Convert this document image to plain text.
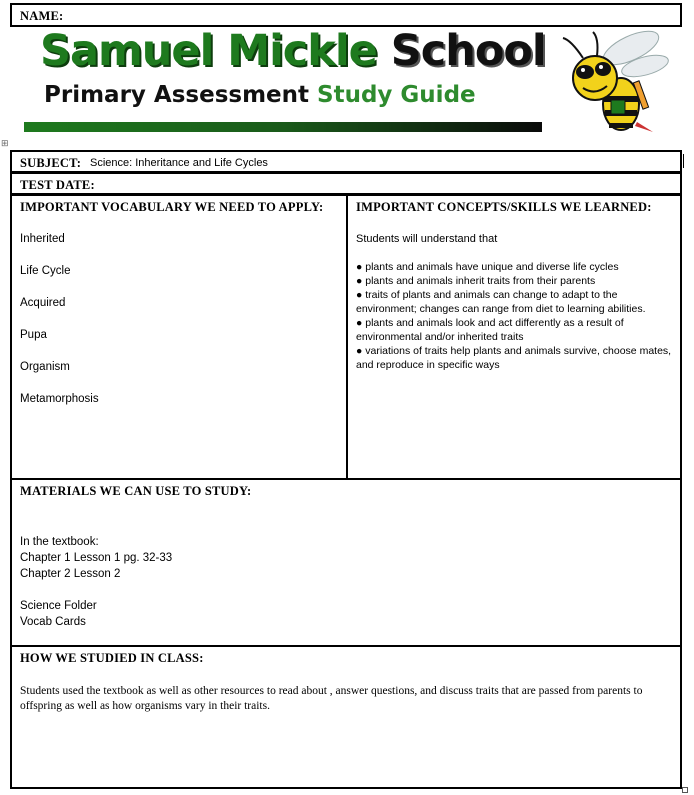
NAME:
Samuel Mickle School
Primary Assessment Study Guide
⊞
SUBJECT: Science: Inheritance and Life Cycles
TEST DATE:
IMPORTANT VOCABULARY WE NEED TO APPLY:
Inherited
Life Cycle
Acquired
Pupa
Organism
Metamorphosis
IMPORTANT CONCEPTS/SKILLS WE LEARNED:
Students will understand that
● plants and animals have unique and diverse life cycles
● plants and animals inherit traits from their parents
● traits of plants and animals can change to adapt to the environment; changes can range from diet to learning abilities.
● plants and animals look and act differently as a result of environmental and/or inherited traits
● variations of traits help plants and animals survive, choose mates, and reproduce in specific ways
MATERIALS WE CAN USE TO STUDY:
In the textbook:
Chapter 1 Lesson 1 pg. 32-33
Chapter 2 Lesson 2
Science Folder
Vocab Cards
HOW WE STUDIED IN CLASS:
Students used the textbook as well as other resources to read about , answer questions, and discuss traits that are passed from parents to offspring as well as how organisms vary in their traits.
